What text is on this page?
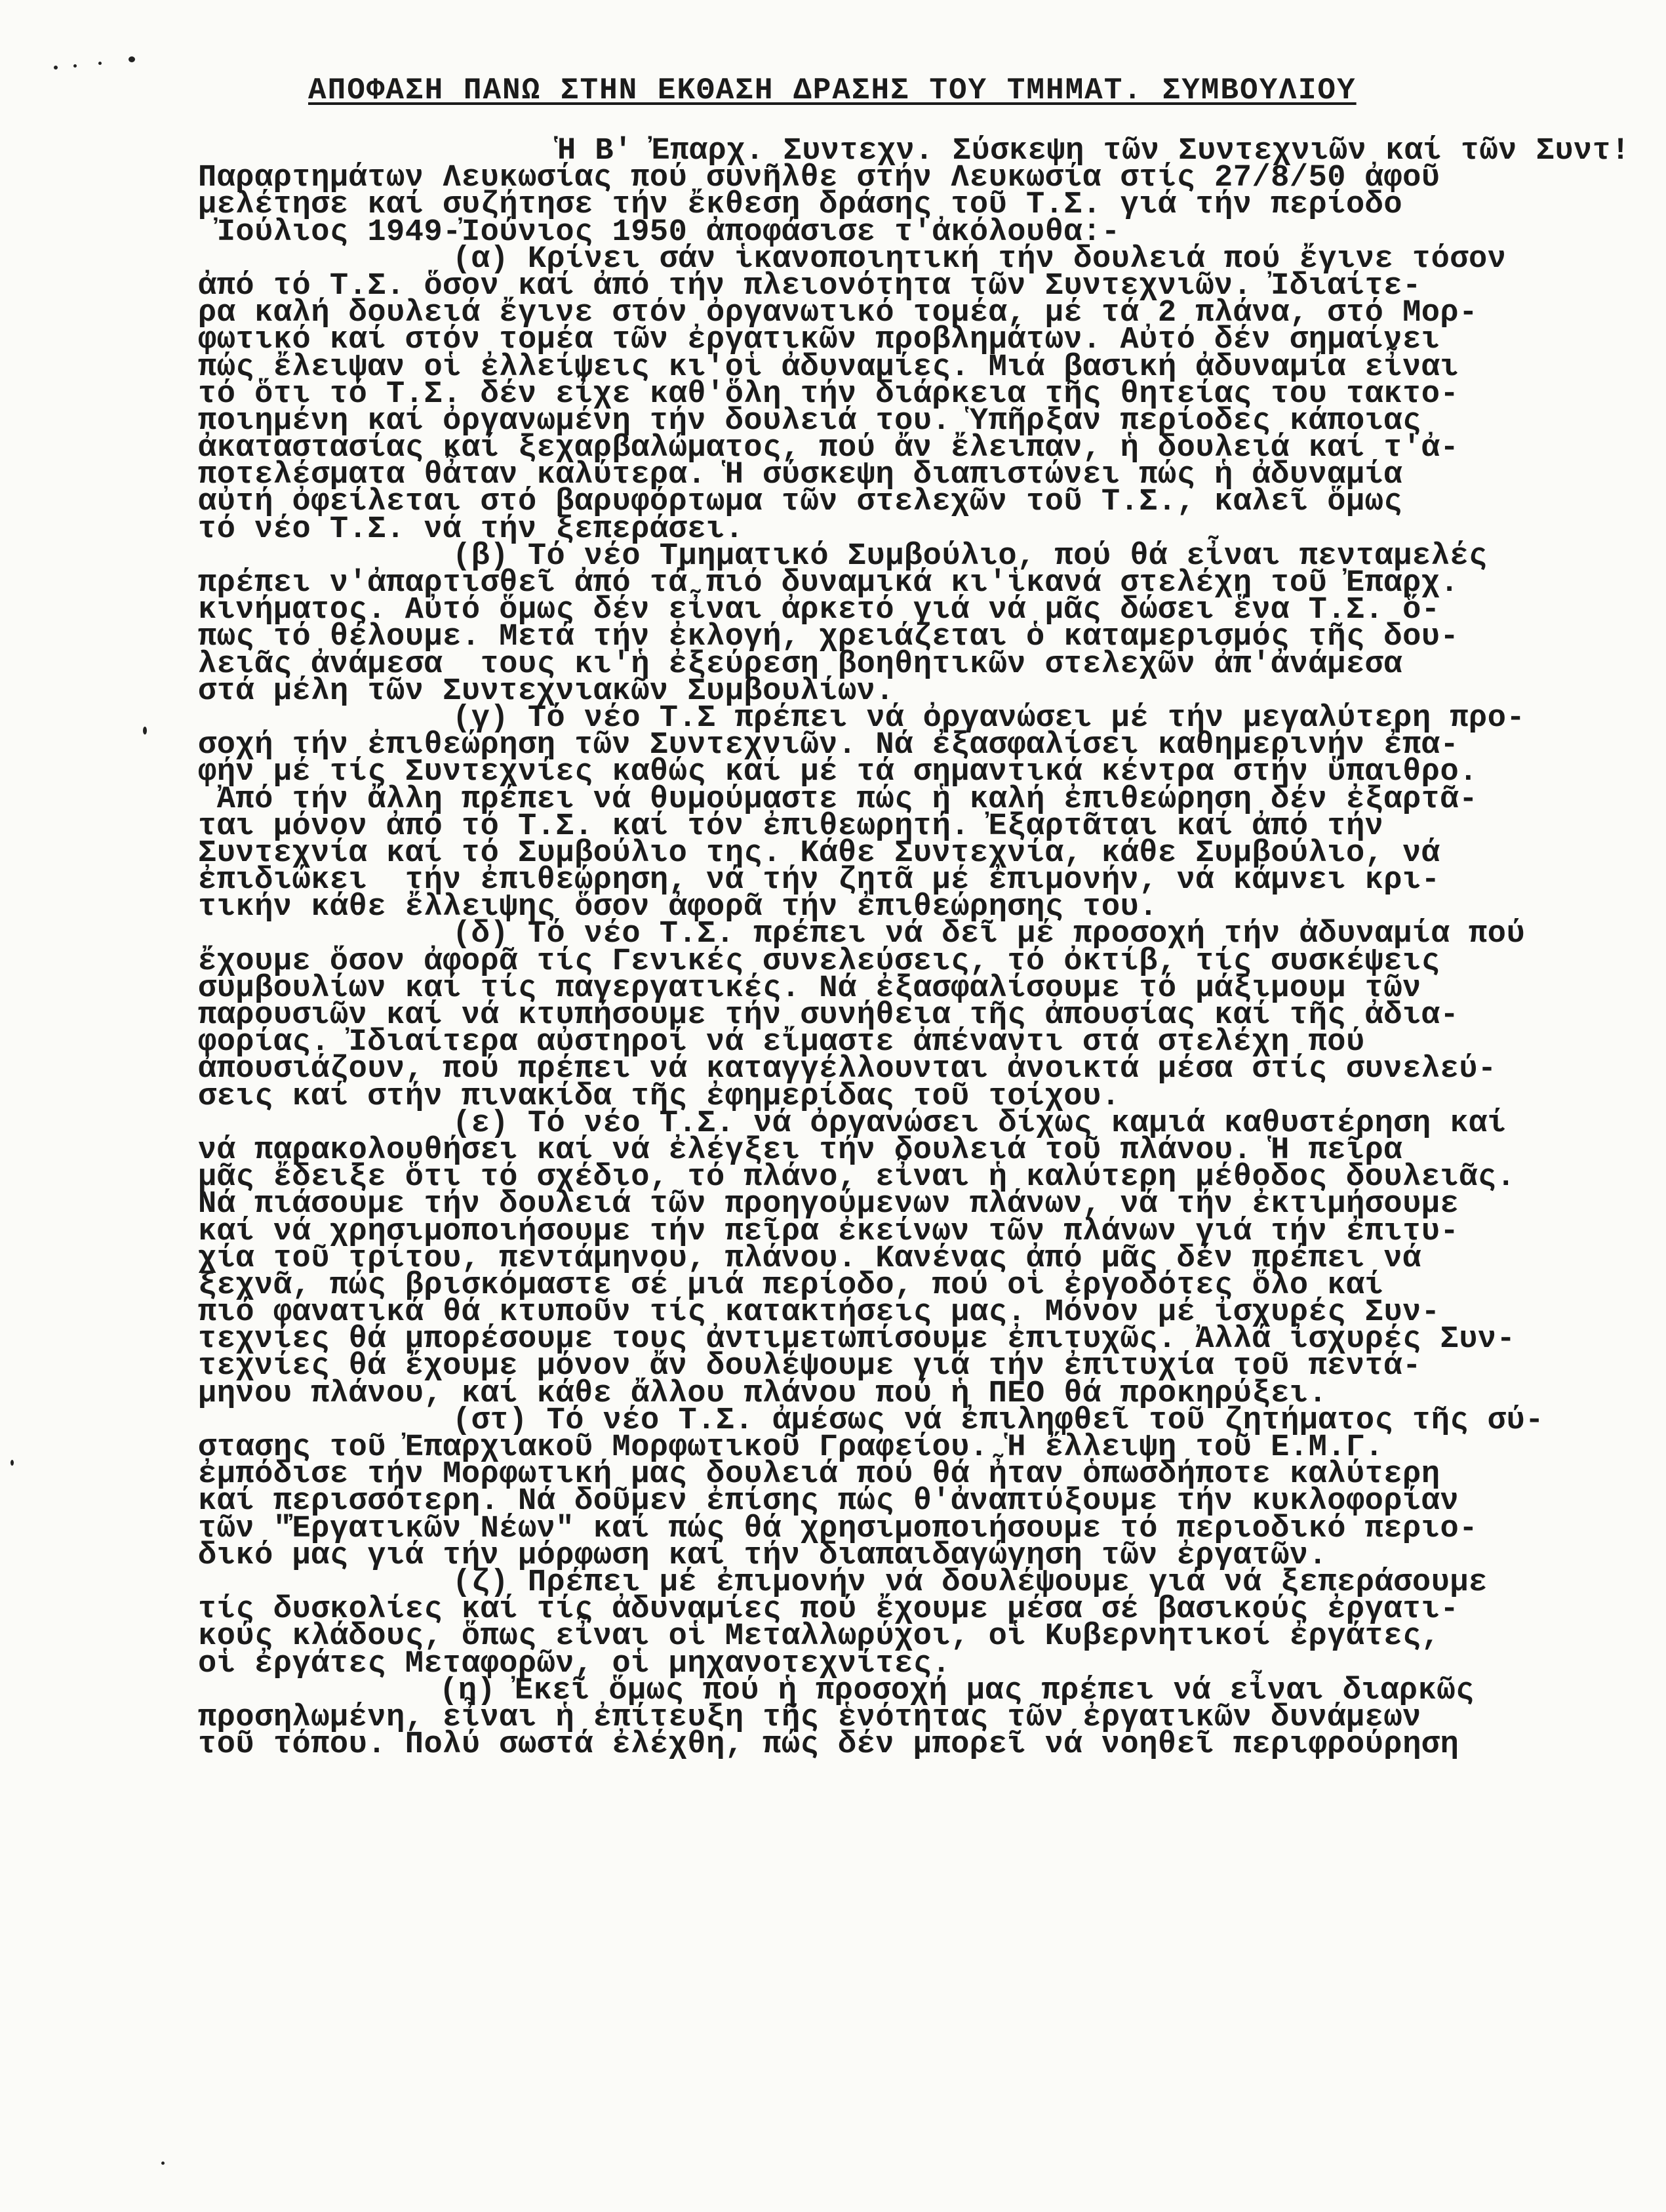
ΑΠΟΦΑΣΗ ΠΑΝΩ ΣΤΗΝ ΕΚΘΑΣΗ ΔΡΑΣΗΣ ΤΟΥ ΤΜΗΜΑΤ. ΣΥΜΒΟΥΛΙΟΥ
Ἡ Β' Ἐπαρχ. Συντεχν. Σύσκεψη τῶν Συντεχνιῶν καί τῶν Συντ!
Παραρτημάτων Λευκωσίας πού συνῆλθε στήν Λευκωσία στίς 27/8/50 ἀφοῦ
μελέτησε καί συζήτησε τήν ἔκθεση δράσης τοῦ Τ.Σ. γιά τήν περίοδο
Ἰούλιος 1949-Ἰούνιος 1950 ἀποφάσισε τ'ἀκόλουθα:-
(α) Κρίνει σάν ἱκανοποιητική τήν δουλειά πού ἔγινε τόσον
ἀπό τό Τ.Σ. ὅσον καί ἀπό τήν πλειονότητα τῶν Συντεχνιῶν. Ἰδιαίτε-
ρα καλή δουλειά ἔγινε στόν ὀργανωτικό τομέα, μέ τά 2 πλάνα, στό Μορ-
φωτικό καί στόν τομέα τῶν ἐργατικῶν προβλημάτων. Αὐτό δέν σημαίνει
πώς ἔλειψαν οἱ ἐλλείψεις κι'οἱ ἀδυναμίες. Μιά βασική ἀδυναμία εἶναι
τό ὅτι τό Τ.Σ. δέν εἶχε καθ'ὅλη τήν διάρκεια τῆς θητείας του τακτο-
ποιημένη καί ὀργανωμένη τήν δουλειά του. Ὑπῆρξαν περίοδες κάποιας
ἀκαταστασίας καί ξεχαρβαλώματος, πού ἄν ἔλειπαν, ἡ δουλειά καί τ'ἀ-
ποτελέσματα θἆταν καλύτερα. Ἡ σύσκεψη διαπιστώνει πώς ἡ ἀδυναμία
αὐτή ὀφείλεται στό βαρυφόρτωμα τῶν στελεχῶν τοῦ Τ.Σ., καλεῖ ὅμως
τό νέο Τ.Σ. νά τήν ξεπεράσει.
(β) Τό νέο Τμηματικό Συμβούλιο, πού θά εἶναι πενταμελές
πρέπει ν'ἀπαρτισθεῖ ἀπό τά πιό δυναμικά κι'ἱκανά στελέχη τοῦ Ἐπαρχ.
κινήματος. Αὐτό ὅμως δέν εἶναι ἀρκετό γιά νά μᾶς δώσει ἕνα Τ.Σ. ὅ-
πως τό θέλουμε. Μετά τήν ἐκλογή, χρειάζεται ὁ καταμερισμός τῆς δου-
λειᾶς ἀνάμεσα  τους κι'ἡ ἐξεύρεση βοηθητικῶν στελεχῶν ἀπ'ἀνάμεσα
στά μέλη τῶν Συντεχνιακῶν Συμβουλίων.
(γ) Τό νέο Τ.Σ πρέπει νά ὀργανώσει μέ τήν μεγαλύτερη προ-
σοχή τήν ἐπιθεώρηση τῶν Συντεχνιῶν. Νά ἐξασφαλίσει καθημερινήν ἐπα-
φήν μέ τίς Συντεχνίες καθώς καί μέ τά σημαντικά κέντρα στήν ὕπαιθρο.
Ἀπό τήν ἄλλη πρέπει νά θυμούμαστε πώς ἡ καλή ἐπιθεώρηση δέν ἐξαρτᾶ-
ται μόνον ἀπό τό Τ.Σ. καί τόν ἐπιθεωρητή. Ἐξαρτᾶται καί ἀπό τήν
Συντεχνία καί τό Συμβούλιο της. Κάθε Συντεχνία, κάθε Συμβούλιο, νά
ἐπιδιώκει  τήν ἐπιθεώρηση, νά τήν ζητᾶ μέ ἐπιμονήν, νά κάμνει κρι-
τικήν κάθε ἔλλειψης ὅσον ἀφορᾶ τήν ἐπιθεώρησης του.
(δ) Τό νέο Τ.Σ. πρέπει νά δεῖ μέ προσοχή τήν ἀδυναμία πού
ἔχουμε ὅσον ἀφορᾶ τίς Γενικές συνελεύσεις, τό ὀκτίβ, τίς συσκέψεις
συμβουλίων καί τίς παγεργατικές. Νά ἐξασφαλίσουμε τό μάξιμουμ τῶν
παρουσιῶν καί νά κτυπήσουμε τήν συνήθεια τῆς ἀπουσίας καί τῆς ἀδια-
φορίας. Ἰδιαίτερα αὐστηροί νά εἴμαστε ἀπέναντι στά στελέχη πού
ἀπουσιάζουν, πού πρέπει νά καταγγέλλουνται ἀνοικτά μέσα στίς συνελεύ-
σεις καί στήν πινακίδα τῆς ἐφημερίδας τοῦ τοίχου.
(ε) Τό νέο Τ.Σ. νά ὀργανώσει δίχως καμιά καθυστέρηση καί
νά παρακολουθήσει καί νά ἐλέγξει τήν δουλειά τοῦ πλάνου. Ἡ πεῖρα
μᾶς ἔδειξε ὅτι τό σχέδιο, τό πλάνο, εἶναι ἡ καλύτερη μέθοδος δουλειᾶς.
Νά πιάσουμε τήν δουλειά τῶν προηγούμενων πλάνων, νά τήν ἐκτιμήσουμε
καί νά χρησιμοποιήσουμε τήν πεῖρα ἐκείνων τῶν πλάνων γιά τήν ἐπιτυ-
χία τοῦ τρίτου, πεντάμηνου, πλάνου. Κανένας ἀπό μᾶς δέν πρέπει νά
ξεχνᾶ, πώς βρισκόμαστε σέ μιά περίοδο, πού οἱ ἐργοδότες ὅλο καί
πιό φανατικά θά κτυποῦν τίς κατακτήσεις μας. Μόνον μέ ἰσχυρές Συν-
τεχνίες θά μπορέσουμε τους ἀντιμετωπίσουμε ἐπιτυχῶς. Ἀλλά ἰσχυρές Συν-
τεχνίες θά ἔχουμε μόνον ἄν δουλέψουμε γιά τήν ἐπιτυχία τοῦ πεντά-
μηνου πλάνου, καί κάθε ἄλλου πλάνου πού ἡ ΠΕΟ θά προκηρύξει.
(στ) Τό νέο Τ.Σ. ἀμέσως νά ἐπιληφθεῖ τοῦ ζητήματος τῆς σύ-
στασης τοῦ Ἐπαρχιακοῦ Μορφωτικοῦ Γραφείου. Ἡ ἔλλειψη τοῦ Ε.Μ.Γ.
ἐμπόδισε τήν Μορφωτική μας δουλειά πού θά ἦταν ὁπωσδήποτε καλύτερη
καί περισσότερη. Νά δοῦμεν ἐπίσης πώς θ'ἀναπτύξουμε τήν κυκλοφορίαν
τῶν "Ἐργατικῶν Νέων" καί πώς θά χρησιμοποιήσουμε τό περιοδικό περιο-
δικό μας γιά τήν μόρφωση καί τήν διαπαιδαγώγηση τῶν ἐργατῶν.
(ζ) Πρέπει μέ ἐπιμονήν νά δουλέψουμε γιά νά ξεπεράσουμε
τίς δυσκολίες καί τίς ἀδυναμίες πού ἔχουμε μέσα σέ βασικούς ἐργατι-
κούς κλάδους, ὅπως εἶναι οἱ Μεταλλωρύχοι, οἱ Κυβερνητικοί ἐργάτες,
οἱ ἐργάτες Μεταφορῶν, οἱ μηχανοτεχνίτες.
(η) Ἐκεῖ ὅμως πού ἡ προσοχή μας πρέπει νά εἶναι διαρκῶς
προσηλωμένη, εἶναι ἡ ἐπίτευξη τῆς ἑνότητας τῶν ἐργατικῶν δυνάμεων
τοῦ τόπου. Πολύ σωστά ἐλέχθη, πώς δέν μπορεῖ νά νοηθεῖ περιφρούρηση
